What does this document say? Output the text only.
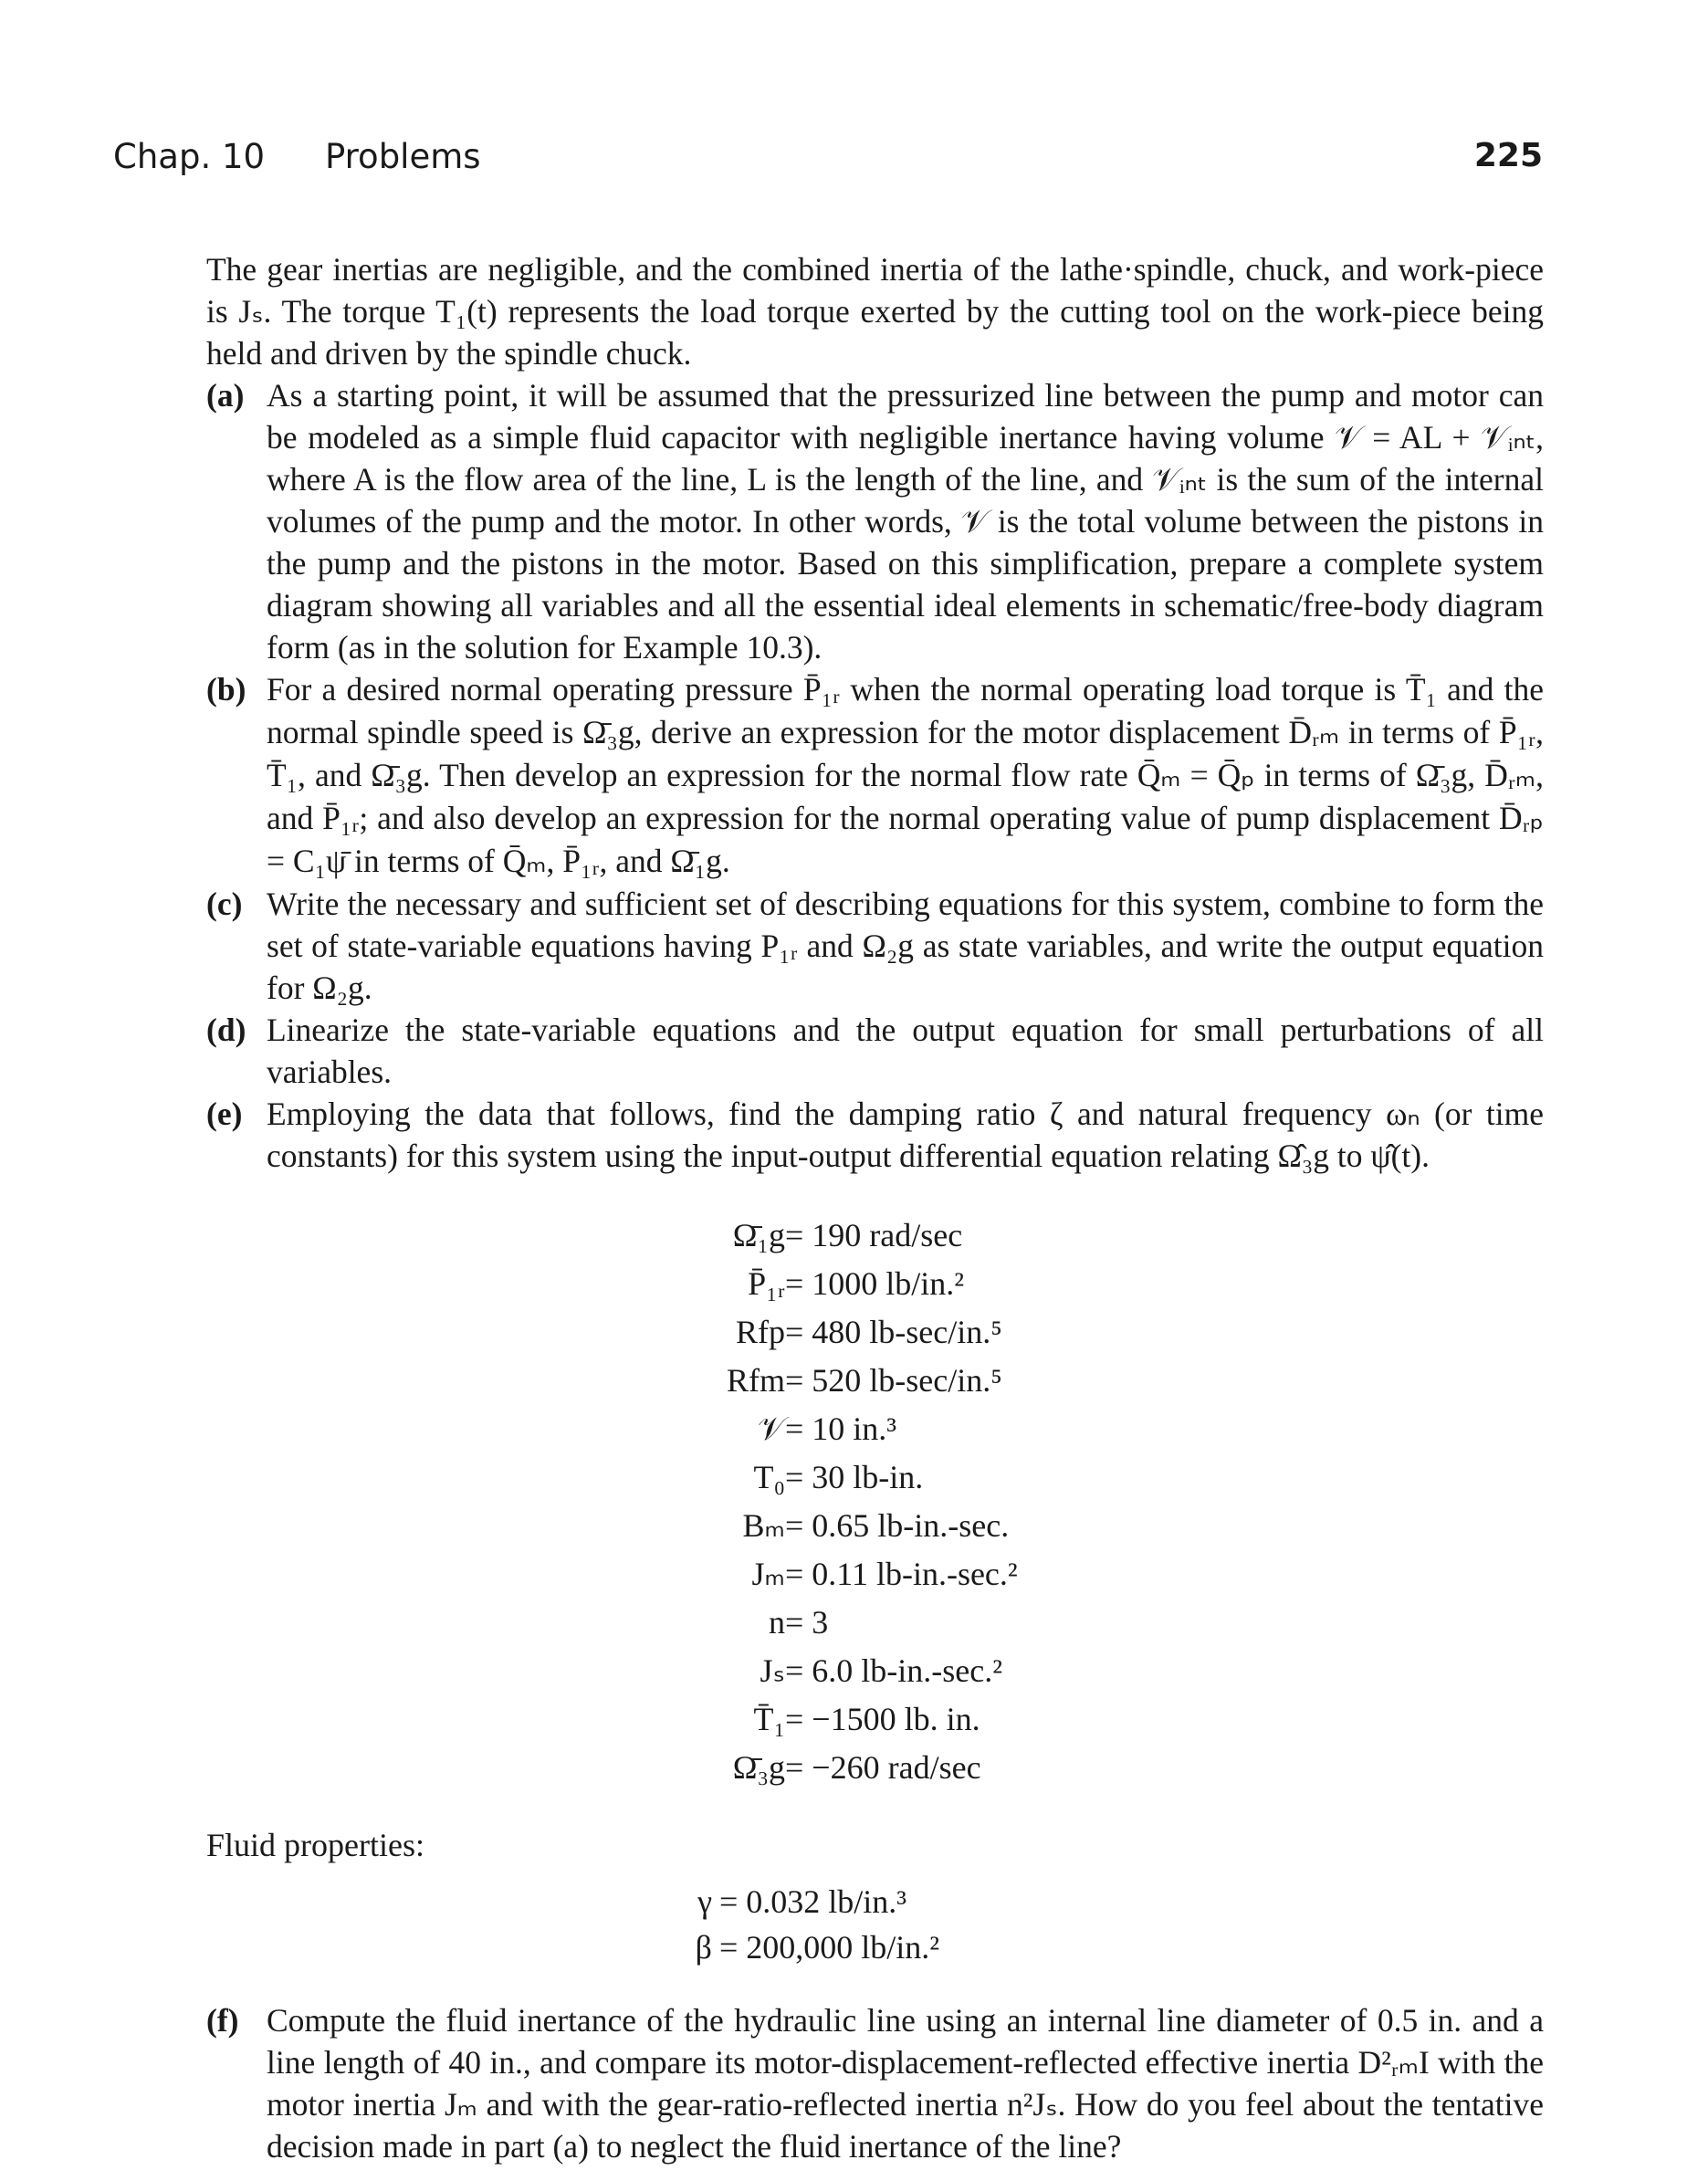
Chap. 10 Problems	225
The gear inertias are negligible, and the combined inertia of the lathe·spindle, chuck, and work-piece is Jₛ. The torque T₁(t) represents the load torque exerted by the cutting tool on the work-piece being held and driven by the spindle chuck.
(a) As a starting point, it will be assumed that the pressurized line between the pump and motor can be modeled as a simple fluid capacitor with negligible inertance having volume 𝒱 = AL + 𝒱ᵢₙₜ, where A is the flow area of the line, L is the length of the line, and 𝒱ᵢₙₜ is the sum of the internal volumes of the pump and the motor. In other words, 𝒱 is the total volume between the pistons in the pump and the pistons in the motor. Based on this simplification, prepare a complete system diagram showing all variables and all the essential ideal elements in schematic/free-body diagram form (as in the solution for Example 10.3).
(b) For a desired normal operating pressure P̄₁ᵣ when the normal operating load torque is T̄₁ and the normal spindle speed is Ω̄₃g, derive an expression for the motor displacement D̄ᵣₘ in terms of P̄₁ᵣ, T̄₁, and Ω̄₃g. Then develop an expression for the normal flow rate Q̄ₘ = Q̄ₚ in terms of Ω̄₃g, D̄ᵣₘ, and P̄₁ᵣ; and also develop an expression for the normal operating value of pump displacement D̄ᵣₚ = C₁ψ̄ in terms of Q̄ₘ, P̄₁ᵣ, and Ω̄₁g.
(c) Write the necessary and sufficient set of describing equations for this system, combine to form the set of state-variable equations having P₁ᵣ and Ω₂g as state variables, and write the output equation for Ω₂g.
(d) Linearize the state-variable equations and the output equation for small perturbations of all variables.
(e) Employing the data that follows, find the damping ratio ζ and natural frequency ωₙ (or time constants) for this system using the input-output differential equation relating Ω̂₃g to ψ̂(t).
Ω̄₁g = 190 rad/sec
P̄₁ᵣ = 1000 lb/in.²
Rfp = 480 lb-sec/in.⁵
Rfm = 520 lb-sec/in.⁵
𝒱 = 10 in.³
T₀ = 30 lb-in.
Bₘ = 0.65 lb-in.-sec.
Jₘ = 0.11 lb-in.-sec.²
n = 3
Jₛ = 6.0 lb-in.-sec.²
T̄₁ = −1500 lb. in.
Ω̄₃g = −260 rad/sec
Fluid properties:
γ = 0.032 lb/in.³
β = 200,000 lb/in.²
(f) Compute the fluid inertance of the hydraulic line using an internal line diameter of 0.5 in. and a line length of 40 in., and compare its motor-displacement-reflected effective inertia D²ᵣₘI with the motor inertia Jₘ and with the gear-ratio-reflected inertia n²Jₛ. How do you feel about the tentative decision made in part (a) to neglect the fluid inertance of the line?
